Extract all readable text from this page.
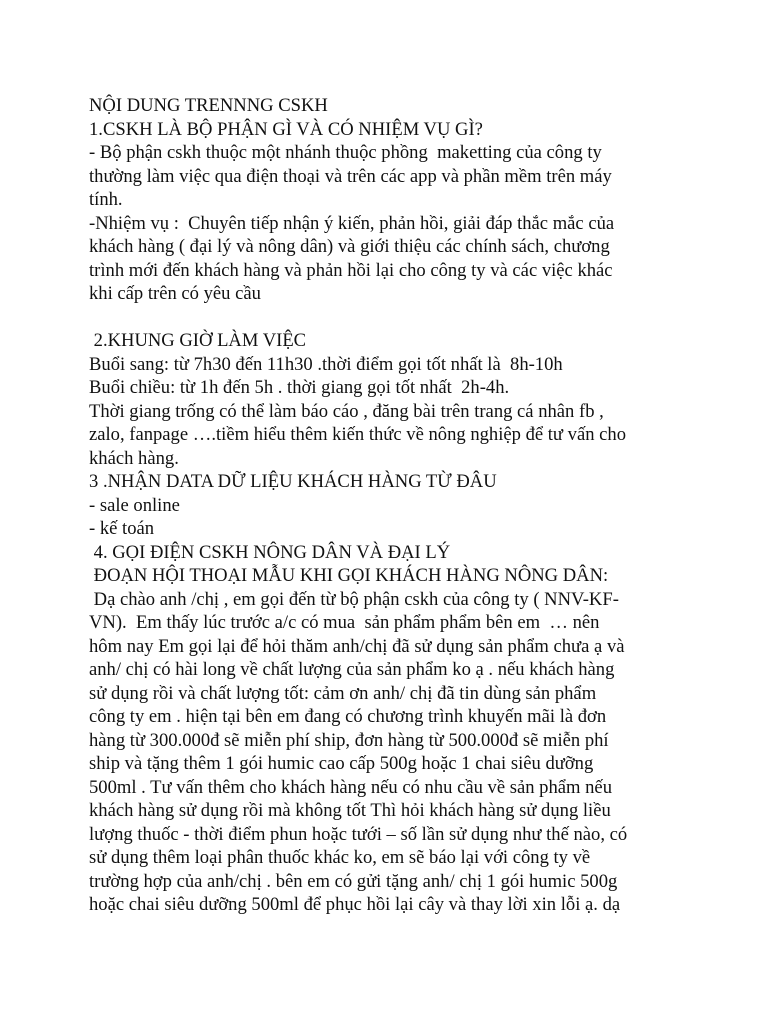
NỘI DUNG TRENNNG CSKH
1.CSKH LÀ BỘ PHẬN GÌ VÀ CÓ NHIỆM VỤ GÌ?
- Bộ phận cskh thuộc một nhánh thuộc phồng  maketting của công ty
thường làm việc qua điện thoại và trên các app và phần mềm trên máy
tính.
-Nhiệm vụ :  Chuyên tiếp nhận ý kiến, phản hồi, giải đáp thắc mắc của
khách hàng ( đại lý và nông dân) và giới thiệu các chính sách, chương
trình mới đến khách hàng và phản hồi lại cho công ty và các việc khác
khi cấp trên có yêu cầu
2.KHUNG GIỜ LÀM VIỆC
Buổi sang: từ 7h30 đến 11h30 .thời điểm gọi tốt nhất là  8h-10h
Buổi chiều: từ 1h đến 5h . thời giang gọi tốt nhất  2h-4h.
Thời giang trống có thể làm báo cáo , đăng bài trên trang cá nhân fb ,
zalo, fanpage ….tiềm hiểu thêm kiến thức về nông nghiệp để tư vấn cho
khách hàng.
3 .NHẬN DATA DỮ LIỆU KHÁCH HÀNG TỪ ĐÂU
- sale online
- kế toán
4. GỌI ĐIỆN CSKH NÔNG DÂN VÀ ĐẠI LÝ
ĐOẠN HỘI THOẠI MẪU KHI GỌI KHÁCH HÀNG NÔNG DÂN:
Dạ chào anh /chị , em gọi đến từ bộ phận cskh của công ty ( NNV-KF-
VN).  Em thấy lúc trước a/c có mua  sản phẩm phẩm bên em  … nên
hôm nay Em gọi lại để hỏi thăm anh/chị đã sử dụng sản phẩm chưa ạ và
anh/ chị có hài long về chất lượng của sản phẩm ko ạ . nếu khách hàng
sử dụng rồi và chất lượng tốt: cảm ơn anh/ chị đã tin dùng sản phẩm
công ty em . hiện tại bên em đang có chương trình khuyến mãi là đơn
hàng từ 300.000đ sẽ miễn phí ship, đơn hàng từ 500.000đ sẽ miễn phí
ship và tặng thêm 1 gói humic cao cấp 500g hoặc 1 chai siêu dưỡng
500ml . Tư vấn thêm cho khách hàng nếu có nhu cầu về sản phẩm nếu
khách hàng sử dụng rồi mà không tốt Thì hỏi khách hàng sử dụng liều
lượng thuốc - thời điểm phun hoặc tưới – số lần sử dụng như thế nào, có
sử dụng thêm loại phân thuốc khác ko, em sẽ báo lại với công ty về
trường hợp của anh/chị . bên em có gửi tặng anh/ chị 1 gói humic 500g
hoặc chai siêu dưỡng 500ml để phục hồi lại cây và thay lời xin lỗi ạ. dạ
